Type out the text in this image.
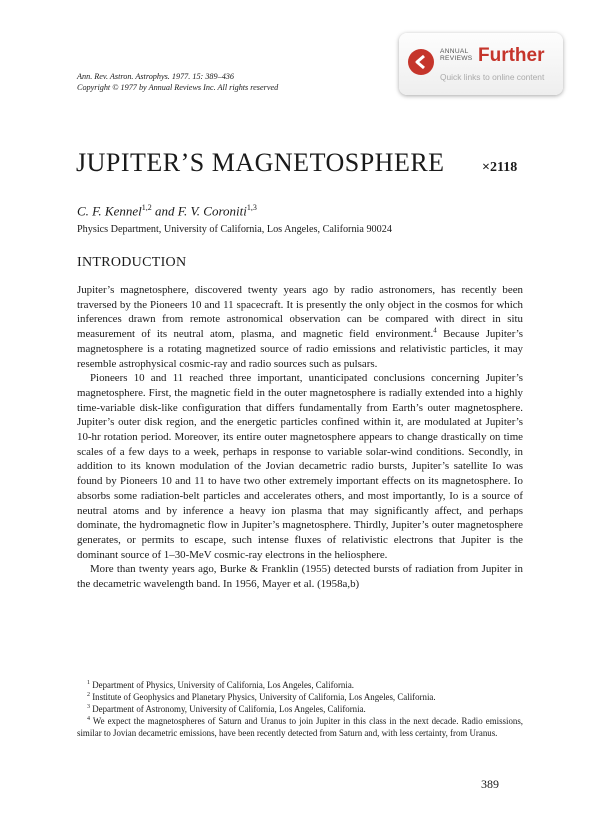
Ann. Rev. Astron. Astrophys. 1977. 15: 389–436
Copyright © 1977 by Annual Reviews Inc. All rights reserved
ANNUAL
REVIEWS Further
Quick links to online content
JUPITER’S MAGNETOSPHERE	×2118
C. F. Kennel$^{1,2}$ and F. V. Coroniti$^{1,3}$
Physics Department, University of California, Los Angeles, California 90024
INTRODUCTION

Jupiter’s magnetosphere, discovered twenty years ago by radio astronomers, has recently been traversed by the Pioneers 10 and 11 spacecraft. It is presently the only object in the cosmos for which inferences drawn from remote astronomical observation can be compared with direct in situ measurement of its neutral atom, plasma, and magnetic field environment.$^4$ Because Jupiter’s magnetosphere is a rotating magnetized source of radio emissions and relativistic particles, it may resemble astrophysical cosmic-ray and radio sources such as pulsars.

Pioneers 10 and 11 reached three important, unanticipated conclusions concerning Jupiter’s magnetosphere. First, the magnetic field in the outer magnetosphere is radially extended into a highly time-variable disk-like configuration that differs fundamentally from Earth’s outer magnetosphere. Jupiter’s outer disk region, and the energetic particles confined within it, are modulated at Jupiter’s 10-hr rotation period. Moreover, its entire outer magnetosphere appears to change drastically on time scales of a few days to a week, perhaps in response to variable solar-wind conditions. Secondly, in addition to its known modulation of the Jovian decametric radio bursts, Jupiter’s satellite Io was found by Pioneers 10 and 11 to have two other extremely important effects on its magnetosphere. Io absorbs some radiation-belt particles and accelerates others, and most importantly, Io is a source of neutral atoms and by inference a heavy ion plasma that may significantly affect, and perhaps dominate, the hydromagnetic flow in Jupiter’s magnetosphere. Thirdly, Jupiter’s outer magnetosphere generates, or permits to escape, such intense fluxes of relativistic electrons that Jupiter is the dominant source of 1–30-MeV cosmic-ray electrons in the heliosphere.

More than twenty years ago, Burke & Franklin (1955) detected bursts of radiation from Jupiter in the decametric wavelength band. In 1956, Mayer et al. (1958a,b)

$^1$ Department of Physics, University of California, Los Angeles, California.

$^2$ Institute of Geophysics and Planetary Physics, University of California, Los Angeles, California.

$^3$ Department of Astronomy, University of California, Los Angeles, California.

$^4$ We expect the magnetospheres of Saturn and Uranus to join Jupiter in this class in the next decade. Radio emissions, similar to Jovian decametric emissions, have been recently detected from Saturn and, with less certainty, from Uranus.

389
